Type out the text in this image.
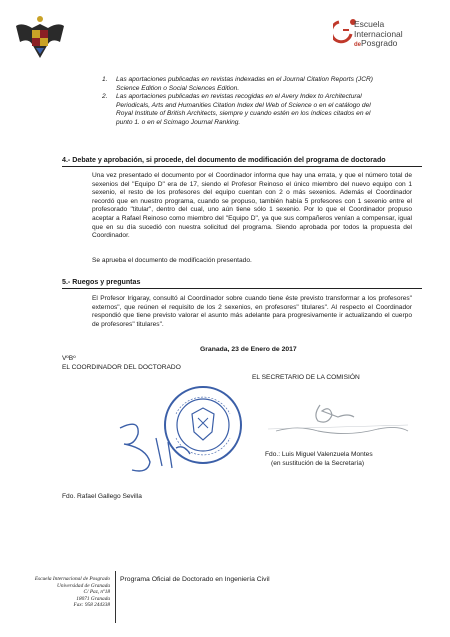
Escuela
Internacional
dePosgrado
1. Las aportaciones publicadas en revistas indexadas en el Journal Citation Reports (JCR) Science Edition o Social Sciences Edition.
2. Las aportaciones publicadas en revistas recogidas en el Avery Index to Architectural Periodicals, Arts and Humanities Citation Index del Web of Science o en el catálogo del Royal Institute of British Architects, siempre y cuando estén en los índices citados en el punto 1. o en el Scimago Journal Ranking.
4.- Debate y aprobación, si procede, del documento de modificación del programa de doctorado
Una vez presentado el documento por el Coordinador informa que hay una errata, y que el número total de sexenios del "Equipo D" era de 17, siendo el Profesor Reinoso el único miembro del nuevo equipo con 1 sexenio, el resto de los profesores del equipo cuentan con 2 o más sexenios. Además el Coordinador recordó que en nuestro programa, cuando se propuso, también había 5 profesores con 1 sexenio entre el profesorado "titular", dentro del cual, uno aún tiene sólo 1 sexenio. Por lo que el Coordinador propuso aceptar a Rafael Reinoso como miembro del "Equipo D", ya que sus compañeros venían a compensar, igual que en su día sucedió con nuestra solicitud del programa. Siendo aprobada por todos la propuesta del Coordinador.
Se aprueba el documento de modificación presentado.
5.- Ruegos y preguntas
El Profesor Irigaray, consultó al Coordinador sobre cuando tiene éste previsto transformar a los profesores" externos", que reúnen el requisito de los 2 sexenios, en profesores" titulares". Al respecto el Coordinador respondió que tiene previsto valorar el asunto más adelante para progresivamente ir actualizando el cuerpo de profesores" titulares".
Granada, 23 de Enero de 2017
VºBº
EL COORDINADOR DEL DOCTORADO
EL SECRETARIO DE LA COMISIÓN
Fdo.: Luis Miguel Valenzuela Montes
(en sustitución de la Secretaría)
Fdo. Rafael Gallego Sevilla
Escuela Internacional de Posgrado
Universidad de Granada
C/ Paz, nº18
18071 Granada
Fax: 958 244338
Programa Oficial de Doctorado en Ingeniería Civil
